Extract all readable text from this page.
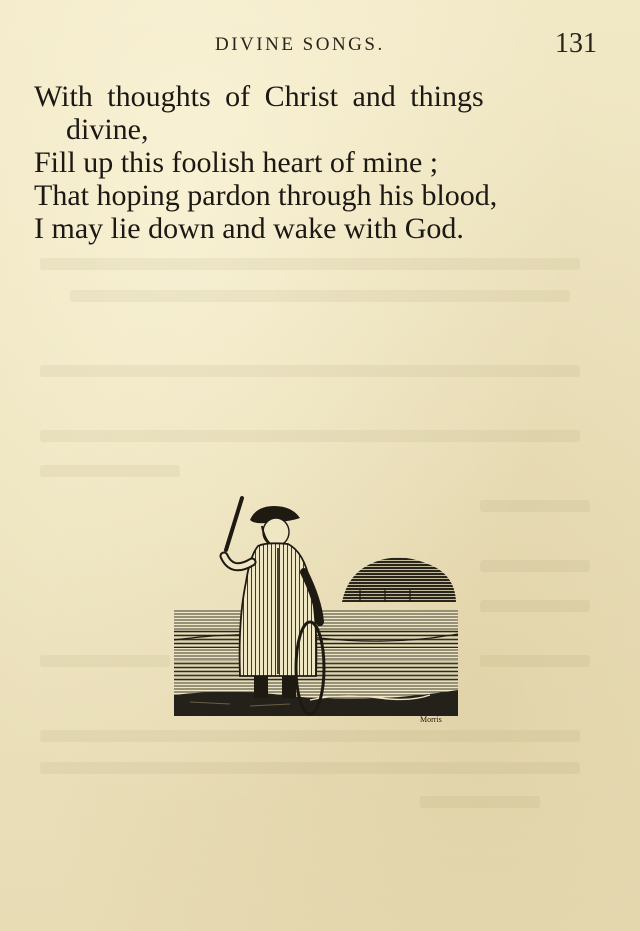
DIVINE SONGS.	131
With thoughts of Christ and things
divine,
Fill up this foolish heart of mine ;
That hoping pardon through his blood,
I may lie down and wake with God.
Morris
